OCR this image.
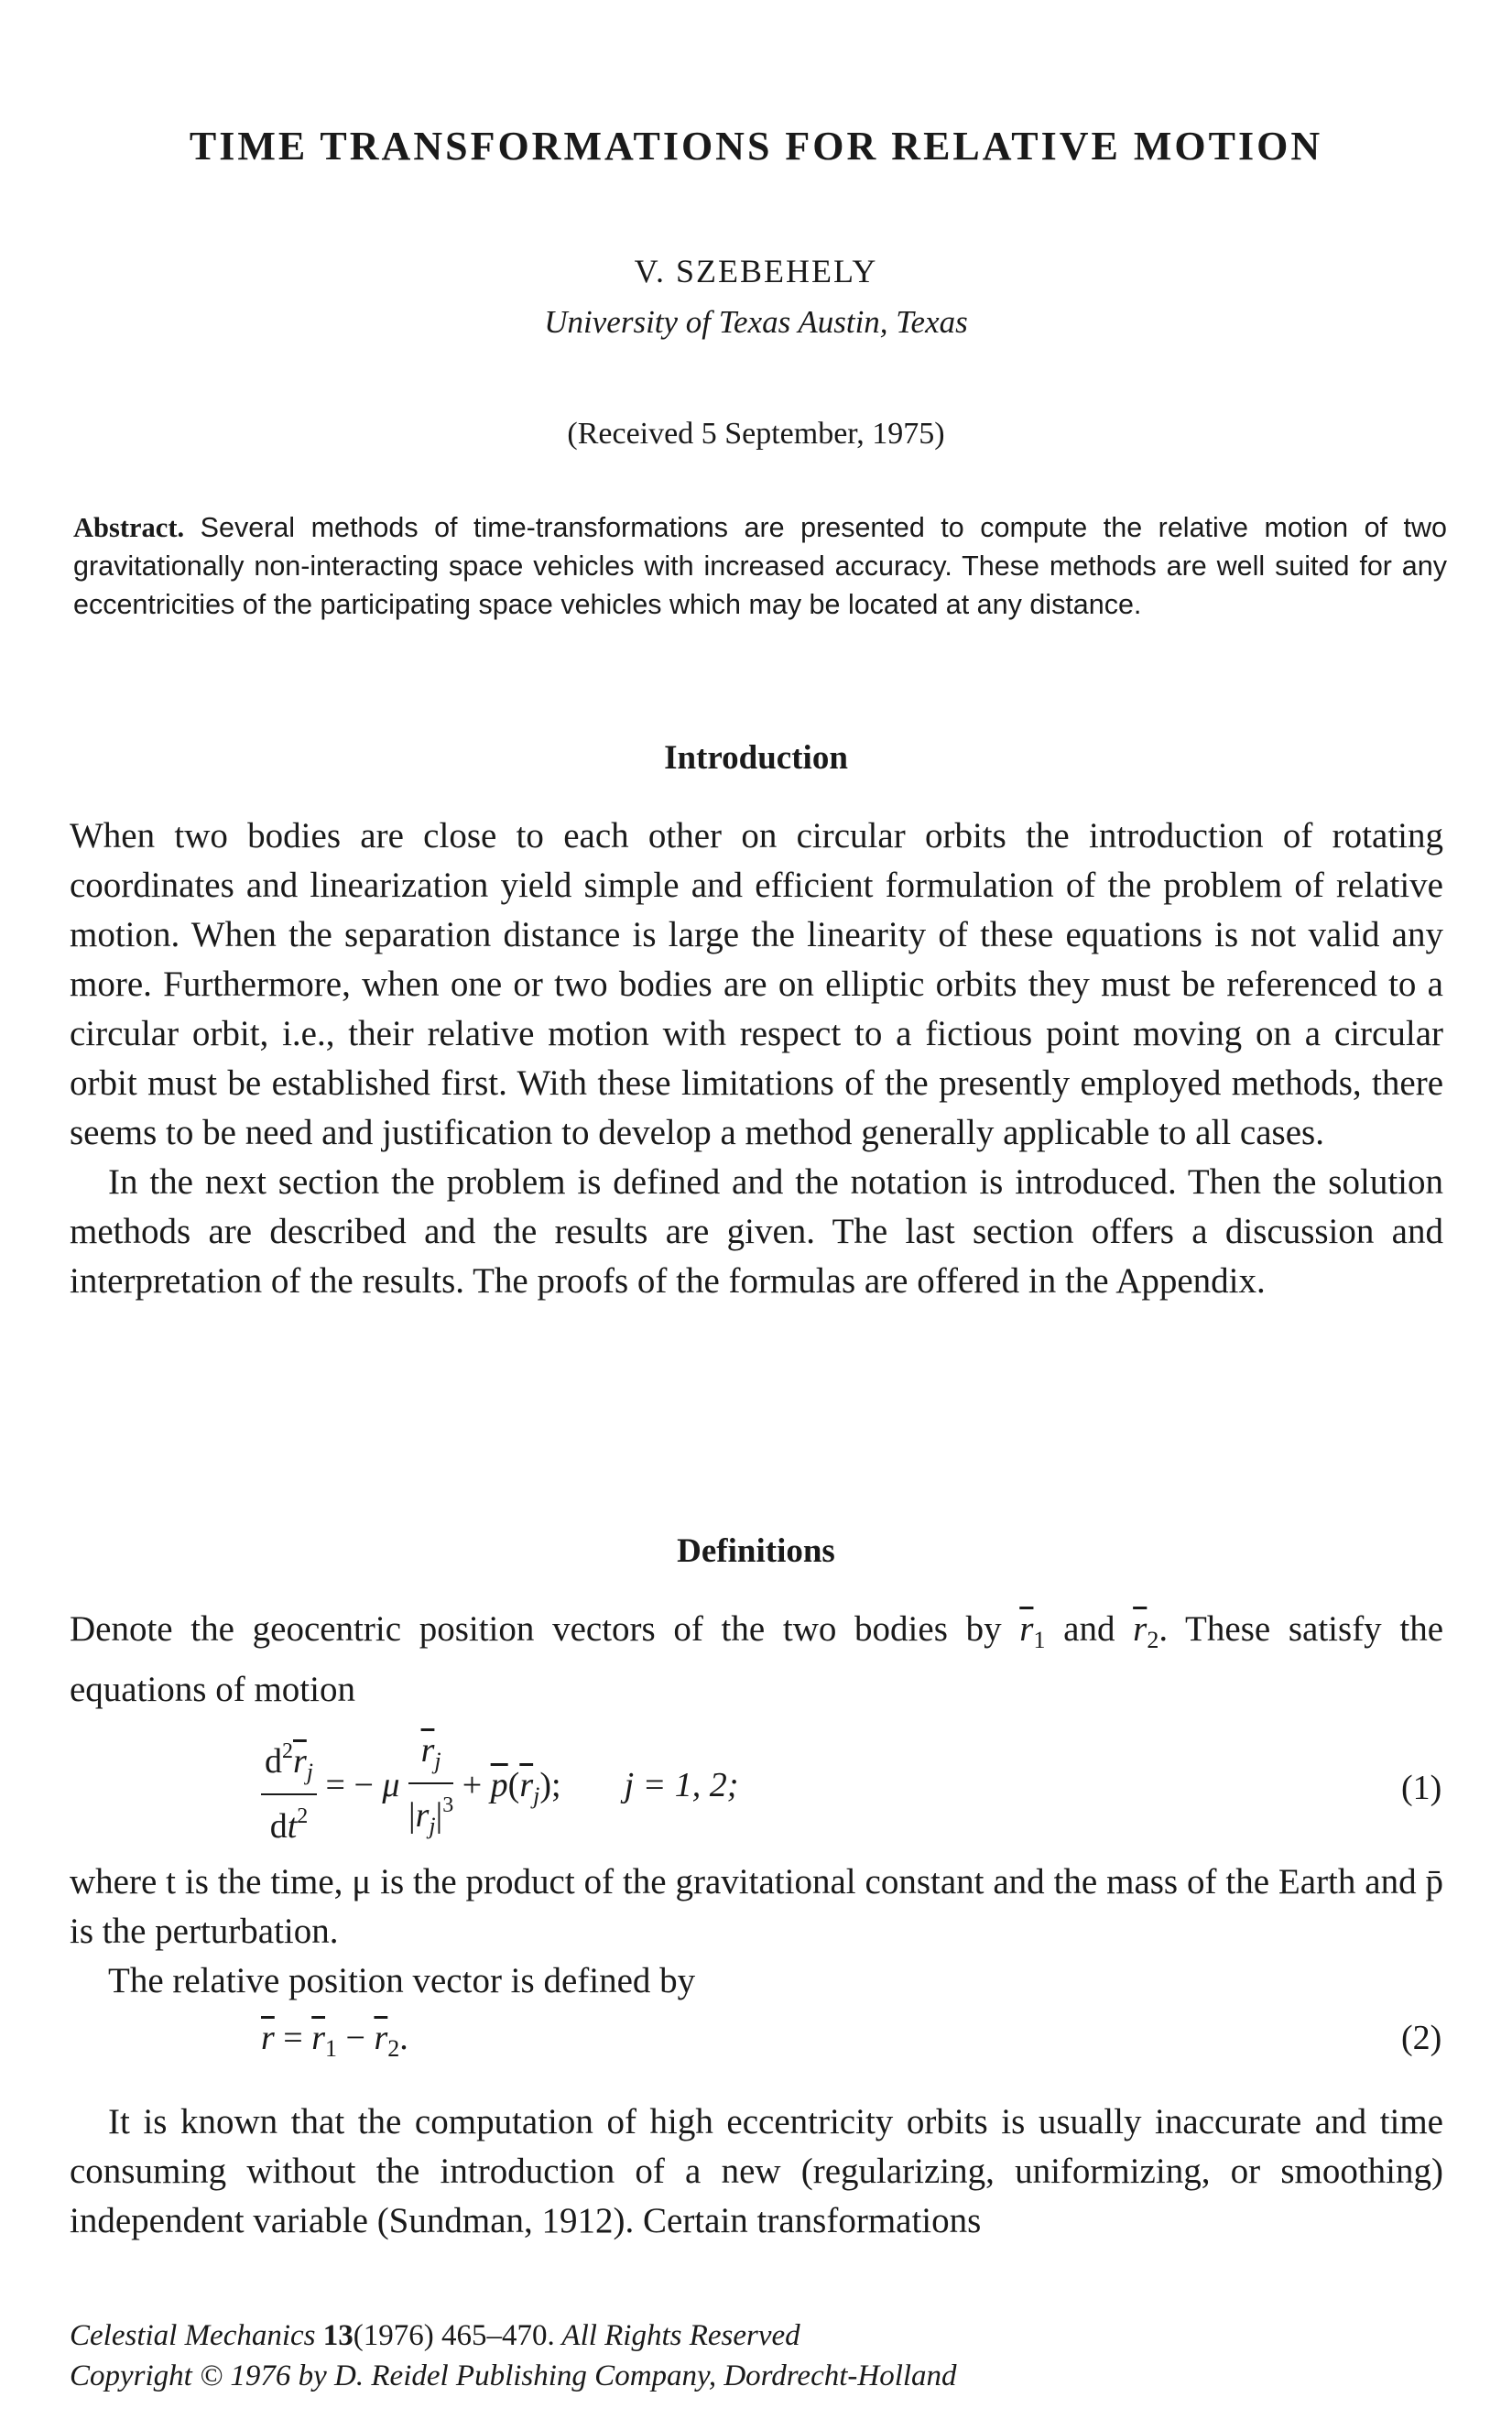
TIME TRANSFORMATIONS FOR RELATIVE MOTION
V. SZEBEHELY
University of Texas Austin, Texas
(Received 5 September, 1975)
Abstract. Several methods of time-transformations are presented to compute the relative motion of two gravitationally non-interacting space vehicles with increased accuracy. These methods are well suited for any eccentricities of the participating space vehicles which may be located at any distance.
Introduction

When two bodies are close to each other on circular orbits the introduction of rotating coordinates and linearization yield simple and efficient formulation of the problem of relative motion. When the separation distance is large the linearity of these equations is not valid any more. Furthermore, when one or two bodies are on elliptic orbits they must be referenced to a circular orbit, i.e., their relative motion with respect to a fictious point moving on a circular orbit must be established first. With these limitations of the presently employed methods, there seems to be need and justification to develop a method generally applicable to all cases.

In the next section the problem is defined and the notation is introduced. Then the solution methods are described and the results are given. The last section offers a discussion and interpretation of the results. The proofs of the formulas are offered in the Appendix.

Definitions

Denote the geocentric position vectors of the two bodies by $\overline{r}_1$ and $\overline{r}_2$. These satisfy the equations of motion

$\frac{d^2\overline{r}_j}{dt^2}$ = − μ $\frac{\overline{r}_j}{|r_j|^3} + \overline{p}(\overline{r}_j)$; j = 1, 2;	(1)

where t is the time, μ is the product of the gravitational constant and the mass of the Earth and p̄ is the perturbation.

The relative position vector is defined by

$\overline{r} = \overline{r}_1 - \overline{r}_2$.	(2)

It is known that the computation of high eccentricity orbits is usually inaccurate and time consuming without the introduction of a new (regularizing, uniformizing, or smoothing) independent variable (Sundman, 1912). Certain transformations

Celestial Mechanics 13(1976) 465–470. All Rights Reserved
Copyright © 1976 by D. Reidel Publishing Company, Dordrecht-Holland
